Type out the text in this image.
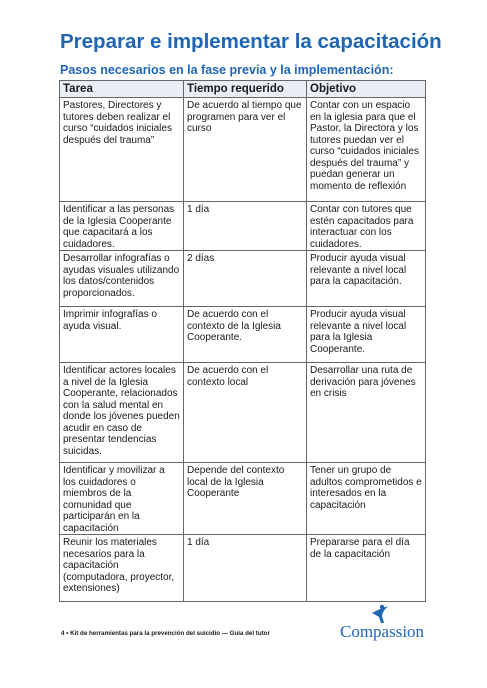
Preparar e implementar la capacitación
Pasos necesarios en la fase previa y la implementación:
Tarea	Tiempo requerido	Objetivo
Pastores, Directores y tutores deben realizar el curso “cuidados iniciales después del trauma”	De acuerdo al tiempo que programen para ver el curso	Contar con un espacio en la iglesia para que el Pastor, la Directora y los tutores puedan ver el curso “cuidados iniciales después del trauma” y puedan generar un momento de reflexión
Identificar a las personas de la Iglesia Cooperante que capacitará a los cuidadores.	1 día	Contar con tutores que estén capacitados para interactuar con los cuidadores.
Desarrollar infografías o ayudas visuales utilizando los datos/contenidos proporcionados.	2 días	Producir ayuda visual relevante a nivel local para la capacitación.
Imprimir infografías o ayuda visual.	De acuerdo con el contexto de la Iglesia Cooperante.	Producir ayuda visual relevante a nivel local para la Iglesia Cooperante.
Identificar actores locales a nivel de la Iglesia Cooperante, relacionados con la salud mental en donde los jóvenes pueden acudir en caso de presentar tendencias suicidas.	De acuerdo con el contexto local	Desarrollar una ruta de derivación para jóvenes en crisis
Identificar y movilizar a los cuidadores o miembros de la comunidad que participarán en la capacitación	Depende del contexto local de la Iglesia Cooperante	Tener un grupo de adultos comprometidos e interesados en la capacitación
Reunir los materiales necesarios para la capacitación (computadora, proyector, extensiones)	1 día	Prepararse para el día de la capacitación
4 • Kit de herramientas para la prevención del suicidio — Guía del tutor	Compassion
